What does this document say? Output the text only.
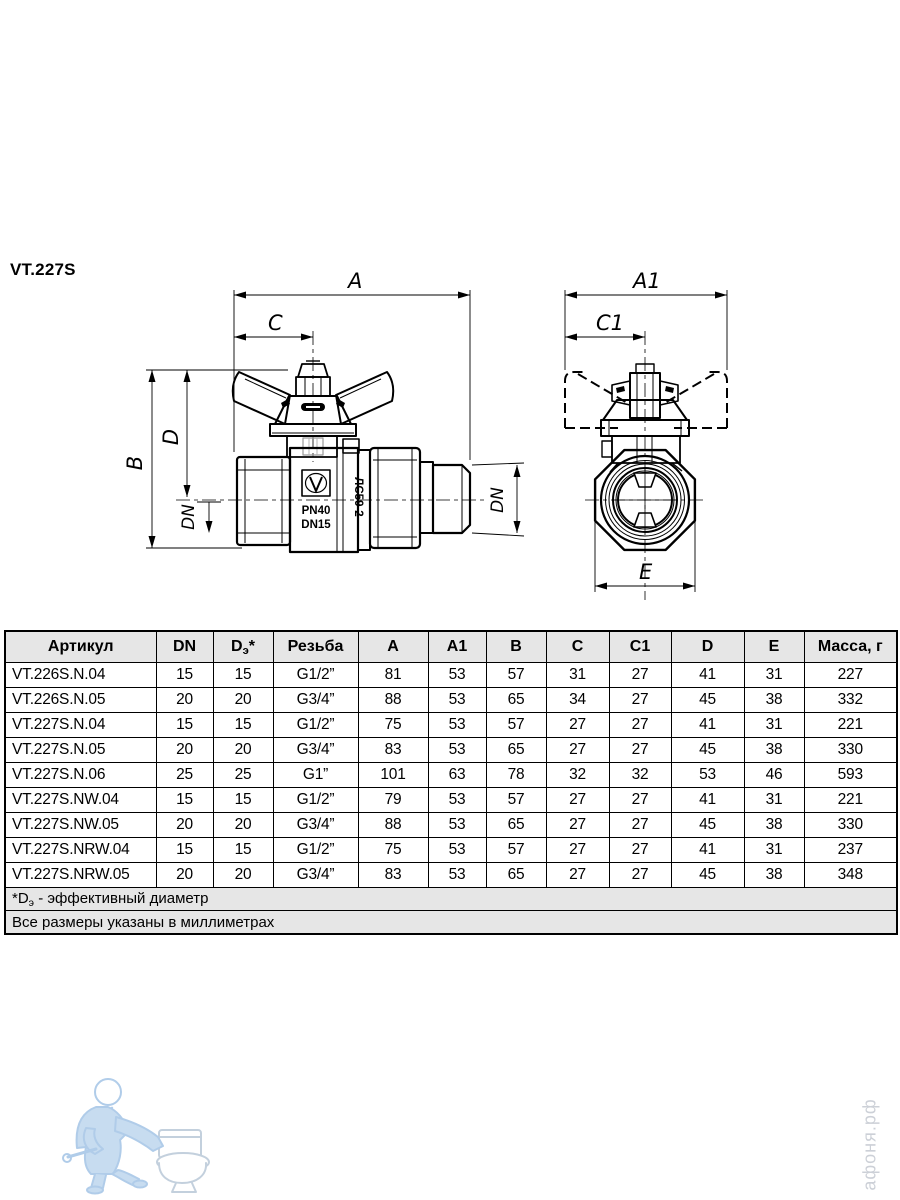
VT.227S	A
C
B
D
DN
DN
PN40
DN15
ЛС59-2
A1
C1
E
Артикул	DN	$D_э*$	Резьба	A	A1	B	C	C1	D	E	Масса, г
VT.226S.N.04	15	15	G1/2”	81	53	57	31	27	41	31	227
VT.226S.N.05	20	20	G3/4”	88	53	65	34	27	45	38	332
VT.227S.N.04	15	15	G1/2”	75	53	57	27	27	41	31	221
VT.227S.N.05	20	20	G3/4”	83	53	65	27	27	45	38	330
VT.227S.N.06	25	25	G1”	101	63	78	32	32	53	46	593
VT.227S.NW.04	15	15	G1/2”	79	53	57	27	27	41	31	221
VT.227S.NW.05	20	20	G3/4”	88	53	65	27	27	45	38	330
VT.227S.NRW.04	15	15	G1/2”	75	53	57	27	27	41	31	237
VT.227S.NRW.05	20	20	G3/4”	83	53	65	27	27	45	38	348
$*D_э$ - эффективный диаметр											
Все размеры указаны в миллиметрах											
афоня.рф
